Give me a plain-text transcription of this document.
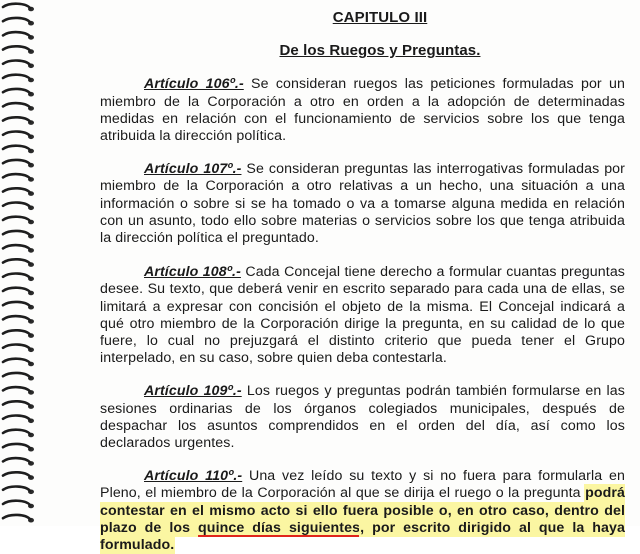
CAPITULO III

De los Ruegos y Preguntas.

Artículo 106º.- Se consideran ruegos las peticiones formuladas por un miembro de la Corporación a otro en orden a la adopción de determinadas medidas en relación con el funcionamiento de servicios sobre los que tenga atribuida la dirección política.

Artículo 107º.- Se consideran preguntas las interrogativas formuladas por miembro de la Corporación a otro relativas a un hecho, una situación a una información o sobre si se ha tomado o va a tomarse alguna medida en relación con un asunto, todo ello sobre materias o servicios sobre los que tenga atribuida la dirección política el preguntado.

Artículo 108º.- Cada Concejal tiene derecho a formular cuantas preguntas desee. Su texto, que deberá venir en escrito separado para cada una de ellas, se limitará a expresar con concisión el objeto de la misma. El Concejal indicará a qué otro miembro de la Corporación dirige la pregunta, en su calidad de lo que fuere, lo cual no prejuzgará el distinto criterio que pueda tener el Grupo interpelado, en su caso, sobre quien deba contestarla.

Artículo 109º.- Los ruegos y preguntas podrán también formularse en las sesiones ordinarias de los órganos colegiados municipales, después de despachar los asuntos comprendidos en el orden del día, así como los declarados urgentes.

Artículo 110º.- Una vez leído su texto y si no fuera para formularla en Pleno, el miembro de la Corporación al que se dirija el ruego o la pregunta podrá contestar en el mismo acto si ello fuera posible o, en otro caso, dentro del plazo de los quince días siguientes, por escrito dirigido al que la haya formulado.
